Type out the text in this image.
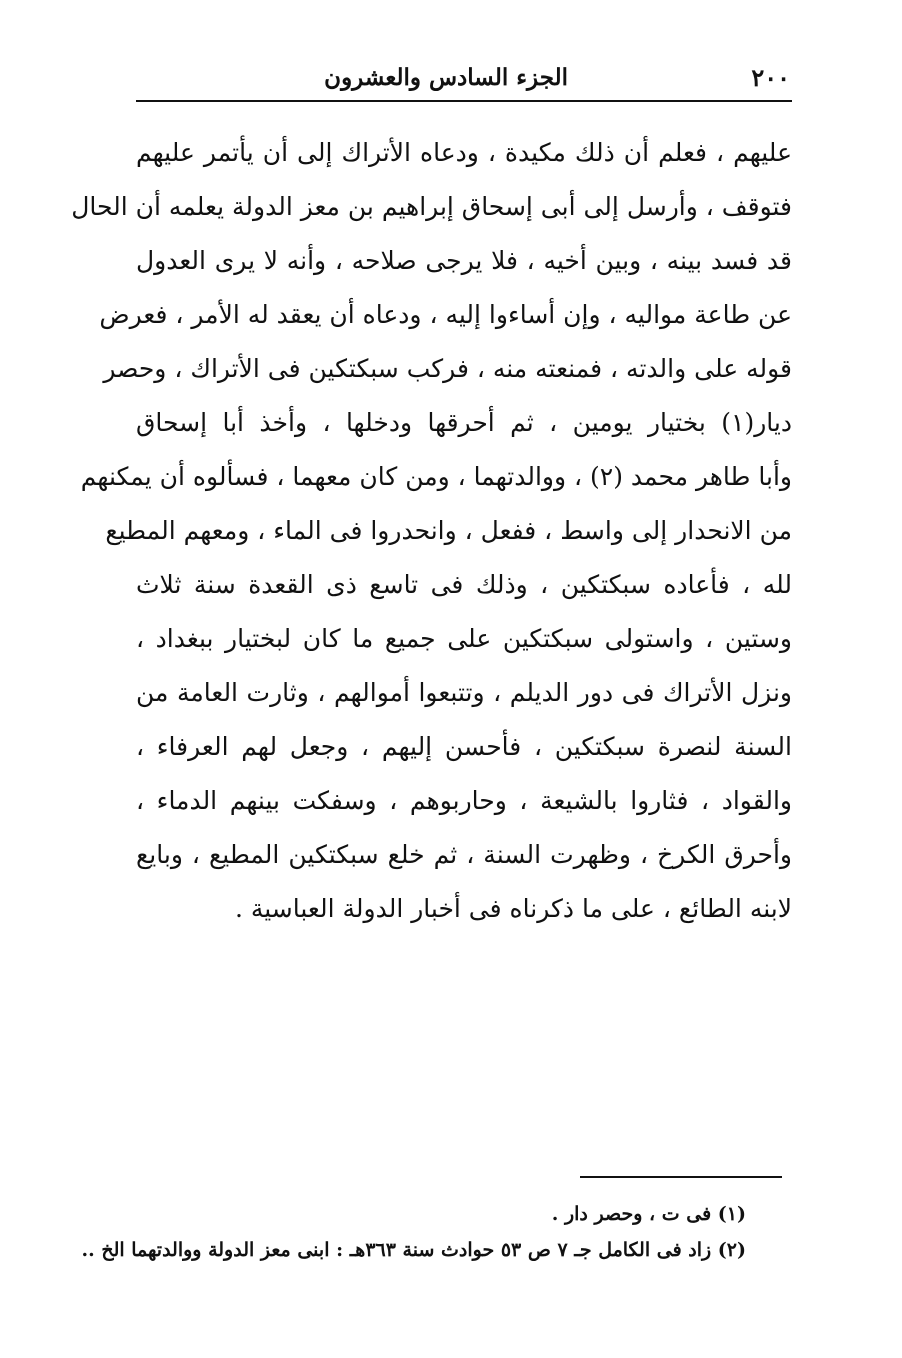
٢٠٠
الجزء السادس والعشرون
عليهم ، فعلم أن ذلك مكيدة ، ودعاه الأتراك إلى أن يأتمر عليهم
فتوقف ، وأرسل إلى أبى إسحاق إبراهيم بن معز الدولة يعلمه أن الحال
قد فسد بينه ، وبين أخيه ، فلا يرجى صلاحه ، وأنه لا يرى العدول
عن طاعة مواليه ، وإن أساءوا إليه ، ودعاه أن يعقد له الأمر ، فعرض
قوله على والدته ، فمنعته منه ، فركب سبكتكين فى الأتراك ، وحصر
ديار(١) بختيار يومين ، ثم أحرقها ودخلها ، وأخذ أبا إسحاق
وأبا طاهر محمد (٢) ، ووالدتهما ، ومن كان معهما ، فسألوه أن يمكنهم
من الانحدار إلى واسط ، ففعل ، وانحدروا فى الماء ، ومعهم المطيع
لله ، فأعاده سبكتكين ، وذلك فى تاسع ذى القعدة سنة ثلاث
وستين ، واستولى سبكتكين على جميع ما كان لبختيار ببغداد ،
ونزل الأتراك فى دور الديلم ، وتتبعوا أموالهم ، وثارت العامة من
السنة لنصرة سبكتكين ، فأحسن إليهم ، وجعل لهم العرفاء ،
والقواد ، فثاروا بالشيعة ، وحاربوهم ، وسفكت بينهم الدماء ،
وأحرق الكرخ ، وظهرت السنة ، ثم خلع سبكتكين المطيع ، وبايع
لابنه الطائع ، على ما ذكرناه فى أخبار الدولة العباسية .
(١) فى ت ، وحصر دار .
(٢) زاد فى الكامل جـ ٧ ص ٥٣ حوادث سنة ٣٦٣هـ : ابنى معز الدولة ووالدتهما الخ ..
